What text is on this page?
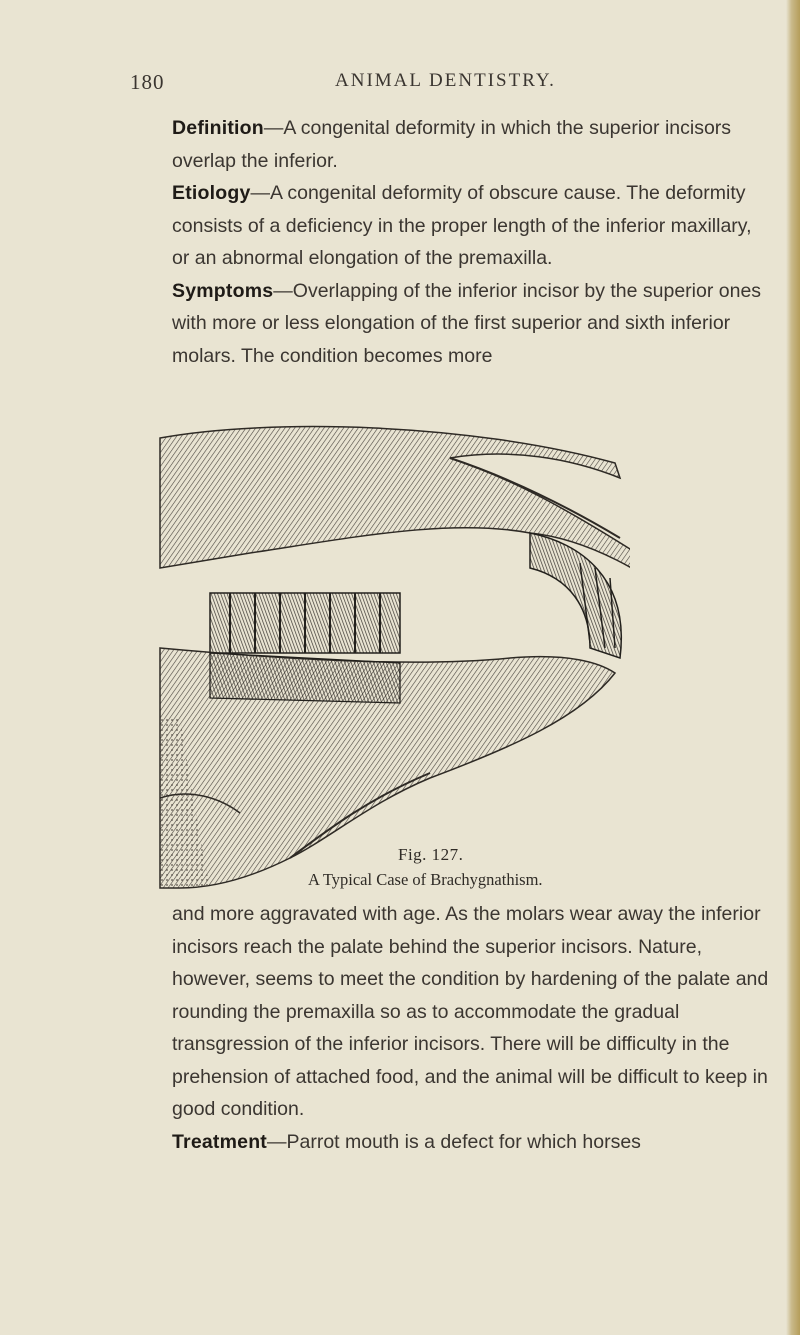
180	ANIMAL DENTISTRY.

Definition—A congenital deformity in which the superior incisors overlap the inferior.

Etiology—A congenital deformity of obscure cause. The deformity consists of a deficiency in the proper length of the inferior maxillary, or an abnormal elongation of the premaxilla.

Symptoms—Overlapping of the inferior incisor by the superior ones with more or less elongation of the first superior and sixth inferior molars. The condition becomes more

Fig. 127.
A Typical Case of Brachygnathism.

and more aggravated with age. As the molars wear away the inferior incisors reach the palate behind the superior incisors. Nature, however, seems to meet the condition by hardening of the palate and rounding the premaxilla so as to accommodate the gradual transgression of the inferior incisors. There will be difficulty in the prehension of attached food, and the animal will be difficult to keep in good condition.

Treatment—Parrot mouth is a defect for which horses
